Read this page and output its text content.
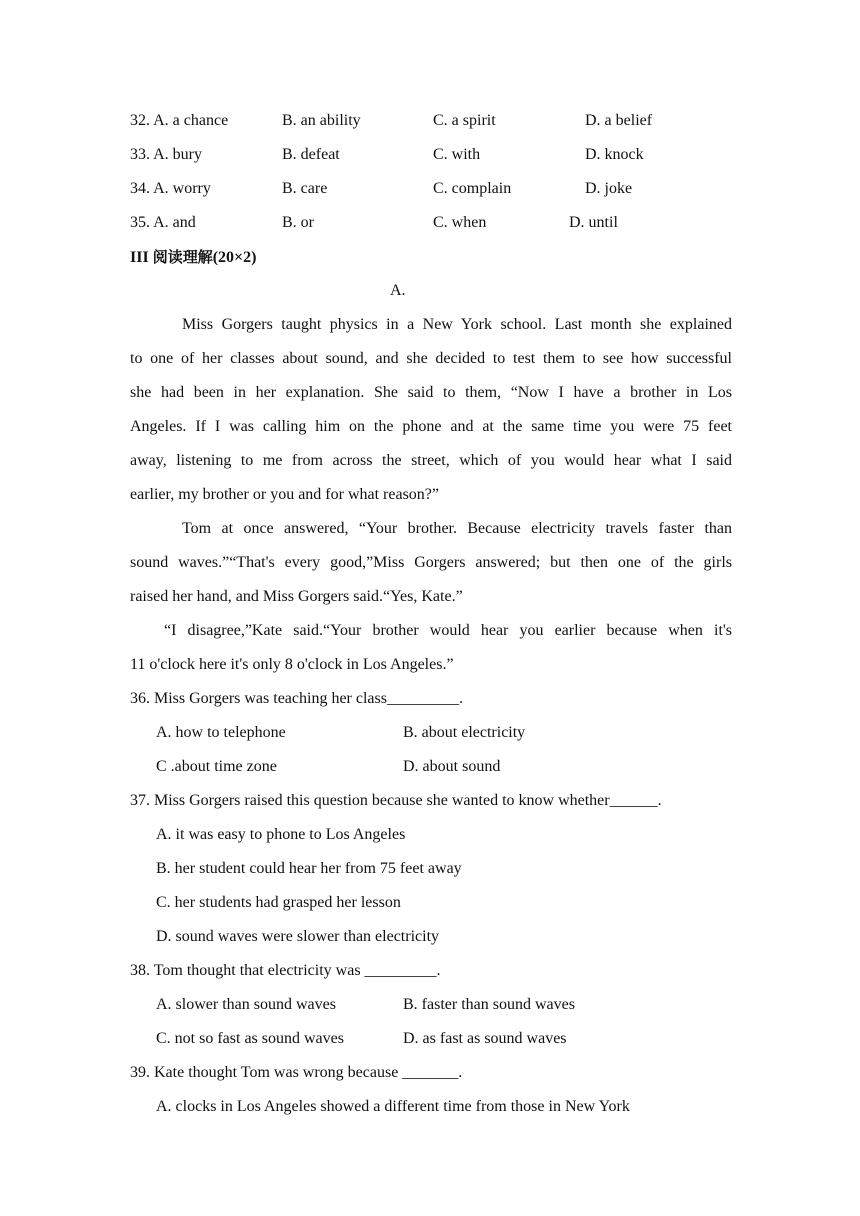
32. A. a chance	B. an ability	C. a spirit	D. a belief
33. A. bury	B. defeat	C. with	D. knock
34. A. worry	B. care	C. complain	D. joke
35. A. and	B. or	C. when	D. until
III 阅读理解(20×2)
A.
Miss Gorgers taught physics in a New York school. Last month she explained
to one of her classes about sound, and she decided to test them to see how successful
she had been in her explanation. She said to them, “Now I have a brother in Los
Angeles. If I was calling him on the phone and at the same time you were 75 feet
away, listening to me from across the street, which of you would hear what I said
earlier, my brother or you and for what reason?”
Tom at once answered, “Your brother. Because electricity travels faster than
sound waves.”“That's every good,”Miss Gorgers answered; but then one of the girls
raised her hand, and Miss Gorgers said.“Yes, Kate.”
“I disagree,”Kate said.“Your brother would hear you earlier because when it's
11 o'clock here it's only 8 o'clock in Los Angeles.”
36. Miss Gorgers was teaching her class_________.
A. how to telephone	B. about electricity
C .about time zone	D. about sound
37. Miss Gorgers raised this question because she wanted to know whether______.
A. it was easy to phone to Los Angeles
B. her student could hear her from 75 feet away
C. her students had grasped her lesson
D. sound waves were slower than electricity
38. Tom thought that electricity was _________.
A. slower than sound waves	B. faster than sound waves
C. not so fast as sound waves	D. as fast as sound waves
39. Kate thought Tom was wrong because _______.
A. clocks in Los Angeles showed a different time from those in New York
